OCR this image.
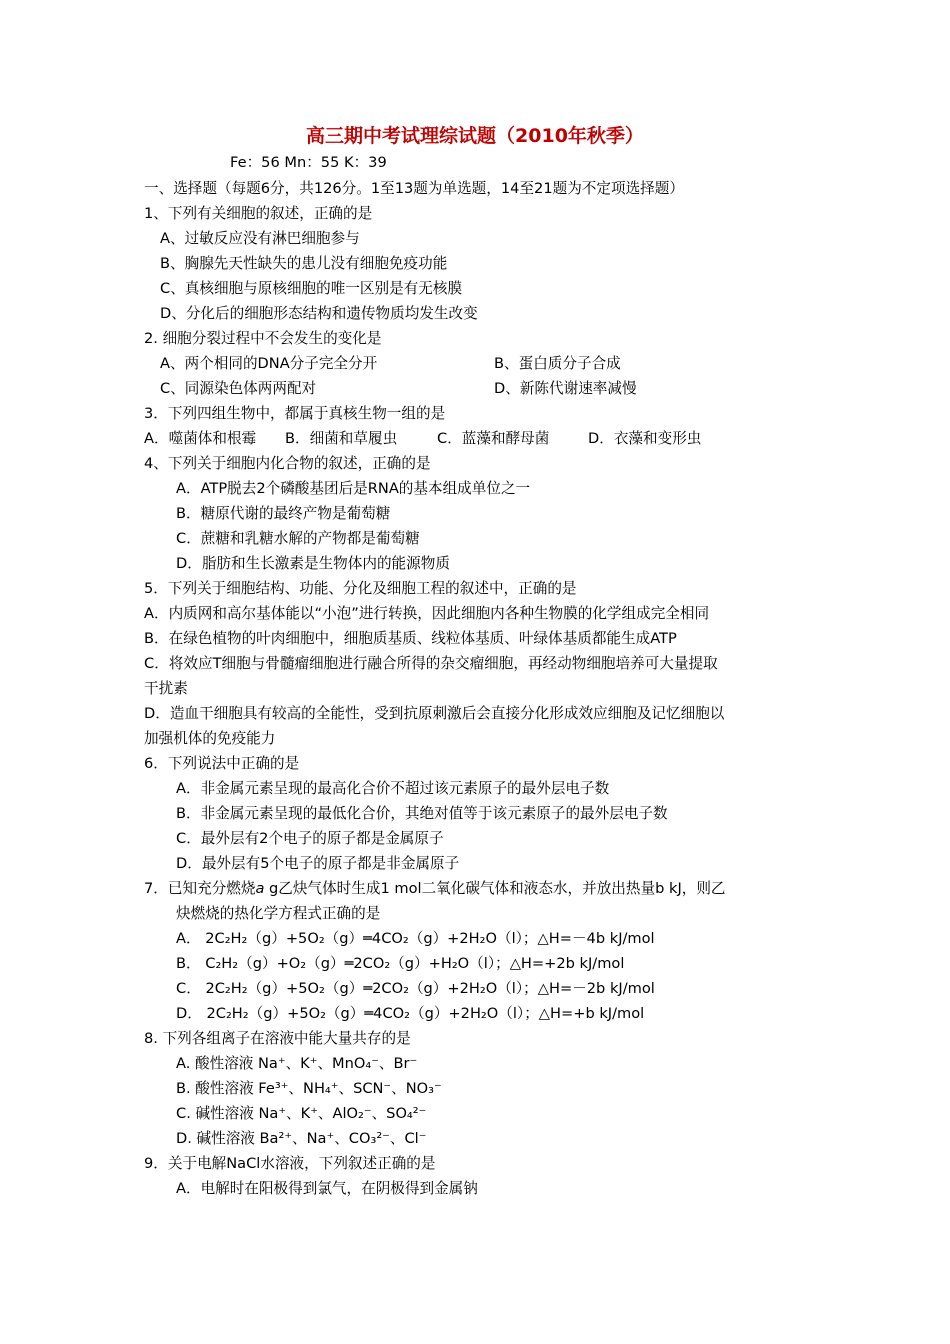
高三期中考试理综试题（2010年秋季）
Fe：56 Mn：55 K：39
一、选择题（每题6分，共126分。1至13题为单选题，14至21题为不定项选择题）
1、下列有关细胞的叙述，正确的是
A、过敏反应没有淋巴细胞参与
B、胸腺先天性缺失的患儿没有细胞免疫功能
C、真核细胞与原核细胞的唯一区别是有无核膜
D、分化后的细胞形态结构和遗传物质均发生改变
2. 细胞分裂过程中不会发生的变化是
A、两个相同的DNA分子完全分开	B、蛋白质分子合成
C、同源染色体两两配对	D、新陈代谢速率减慢
3．下列四组生物中，都属于真核生物一组的是
A．噬菌体和根霉 B．细菌和草履虫	C．蓝藻和酵母菌	D．衣藻和变形虫
4、下列关于细胞内化合物的叙述，正确的是
A．ATP脱去2个磷酸基团后是RNA的基本组成单位之一
B．糖原代谢的最终产物是葡萄糖
C．蔗糖和乳糖水解的产物都是葡萄糖
D．脂肪和生长激素是生物体内的能源物质
5．下列关于细胞结构、功能、分化及细胞工程的叙述中，正确的是
A．内质网和高尔基体能以“小泡”进行转换，因此细胞内各种生物膜的化学组成完全相同
B．在绿色植物的叶肉细胞中，细胞质基质、线粒体基质、叶绿体基质都能生成ATP
C．将效应T细胞与骨髓瘤细胞进行融合所得的杂交瘤细胞，再经动物细胞培养可大量提取
干扰素
D．造血干细胞具有较高的全能性，受到抗原刺激后会直接分化形成效应细胞及记忆细胞以
加强机体的免疫能力
6．下列说法中正确的是
A．非金属元素呈现的最高化合价不超过该元素原子的最外层电子数
B．非金属元素呈现的最低化合价，其绝对值等于该元素原子的最外层电子数
C．最外层有2个电子的原子都是金属原子
D．最外层有5个电子的原子都是非金属原子
7．已知充分燃烧a g乙炔气体时生成1 mol二氧化碳气体和液态水，并放出热量b kJ，则乙
炔燃烧的热化学方程式正确的是
A． 2C₂H₂（g）+5O₂（g）═4CO₂（g）+2H₂O（l）；△H=－4b kJ/mol
B． C₂H₂（g）+O₂（g）═2CO₂（g）+H₂O（l）；△H=+2b kJ/mol
C． 2C₂H₂（g）+5O₂（g）═2CO₂（g）+2H₂O（l）；△H=－2b kJ/mol
D． 2C₂H₂（g）+5O₂（g）═4CO₂（g）+2H₂O（l）；△H=+b kJ/mol
8. 下列各组离子在溶液中能大量共存的是
A. 酸性溶液 Na⁺、K⁺、MnO₄⁻、Br⁻
B. 酸性溶液 Fe³⁺、NH₄⁺、SCN⁻、NO₃⁻
C. 碱性溶液 Na⁺、K⁺、AlO₂⁻、SO₄²⁻
D. 碱性溶液 Ba²⁺、Na⁺、CO₃²⁻、Cl⁻
9．关于电解NaCl水溶液，下列叙述正确的是
A．电解时在阳极得到氯气，在阴极得到金属钠
